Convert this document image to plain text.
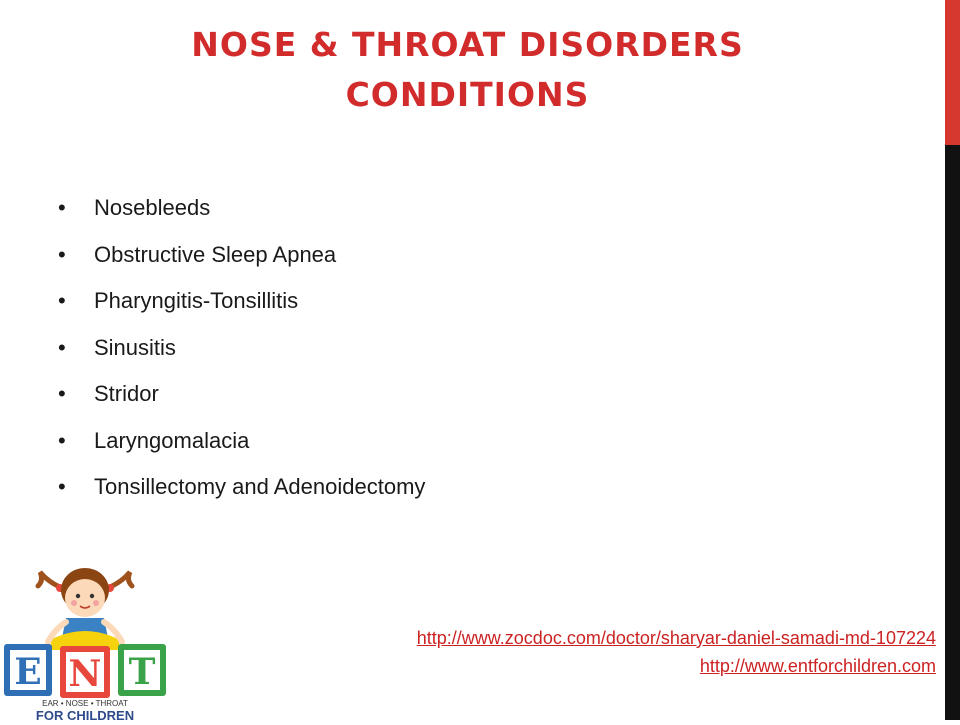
NOSE & THROAT DISORDERS
CONDITIONS
•	Nosebleeds
•	Obstructive Sleep Apnea
•	Pharyngitis-Tonsillitis
•	Sinusitis
•	Stridor
•	Laryngomalacia
•	Tonsillectomy and Adenoidectomy
E N T
EAR • NOSE • THROAT
FOR CHILDREN
http://www.zocdoc.com/doctor/sharyar-daniel-samadi-md-107224
http://www.entforchildren.com
